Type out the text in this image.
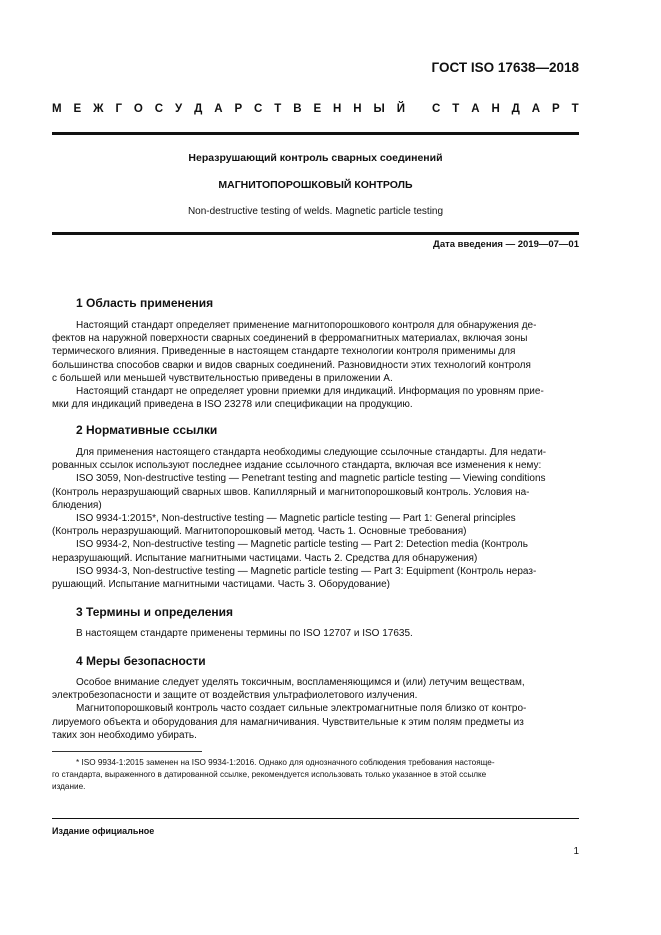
ГОСТ ISO 17638—2018
М Е Ж Г О С У Д А Р С Т В Е Н Н Ы Й
С Т А Н Д А Р Т
Неразрушающий контроль сварных соединений
МАГНИТОПОРОШКОВЫЙ КОНТРОЛЬ
Non-destructive testing of welds. Magnetic particle testing
Дата введения — 2019—07—01
1 Область применения
Настоящий стандарт определяет применение магнитопорошкового контроля для обнаружения де-
фектов на наружной поверхности сварных соединений в ферромагнитных материалах, включая зоны
термического влияния. Приведенные в настоящем стандарте технологии контроля применимы для
большинства способов сварки и видов сварных соединений. Разновидности этих технологий контроля
с большей или меньшей чувствительностью приведены в приложении А.
Настоящий стандарт не определяет уровни приемки для индикаций. Информация по уровням прие-
мки для индикаций приведена в ISO 23278 или спецификации на продукцию.
2 Нормативные ссылки
Для применения настоящего стандарта необходимы следующие ссылочные стандарты. Для недати-
рованных ссылок используют последнее издание ссылочного стандарта, включая все изменения к нему:
ISO 3059, Non-destructive testing — Penetrant testing and magnetic particle testing — Viewing conditions
(Контроль неразрушающий сварных швов. Капиллярный и магнитопорошковый контроль. Условия на-
блюдения)
ISO 9934-1:2015*, Non-destructive testing — Magnetic particle testing — Part 1: General principles
(Контроль неразрушающий. Магнитопорошковый метод. Часть 1. Основные требования)
ISO 9934-2, Non-destructive testing — Magnetic particle testing — Part 2: Detection media (Контроль
неразрушающий. Испытание магнитными частицами. Часть 2. Средства для обнаружения)
ISO 9934-3, Non-destructive testing — Magnetic particle testing — Part 3: Equipment (Контроль нераз-
рушающий. Испытание магнитными частицами. Часть 3. Оборудование)
3 Термины и определения
В настоящем стандарте применены термины по ISO 12707 и ISO 17635.
4 Меры безопасности
Особое внимание следует уделять токсичным, воспламеняющимся и (или) летучим веществам,
электробезопасности и защите от воздействия ультрафиолетового излучения.
Магнитопорошковый контроль часто создает сильные электромагнитные поля близко от контро-
лируемого объекта и оборудования для намагничивания. Чувствительные к этим полям предметы из
таких зон необходимо убирать.
* ISO 9934-1:2015 заменен на ISO 9934-1:2016. Однако для однозначного соблюдения требования настояще-
го стандарта, выраженного в датированной ссылке, рекомендуется использовать только указанное в этой ссылке
издание.
Издание официальное
1
